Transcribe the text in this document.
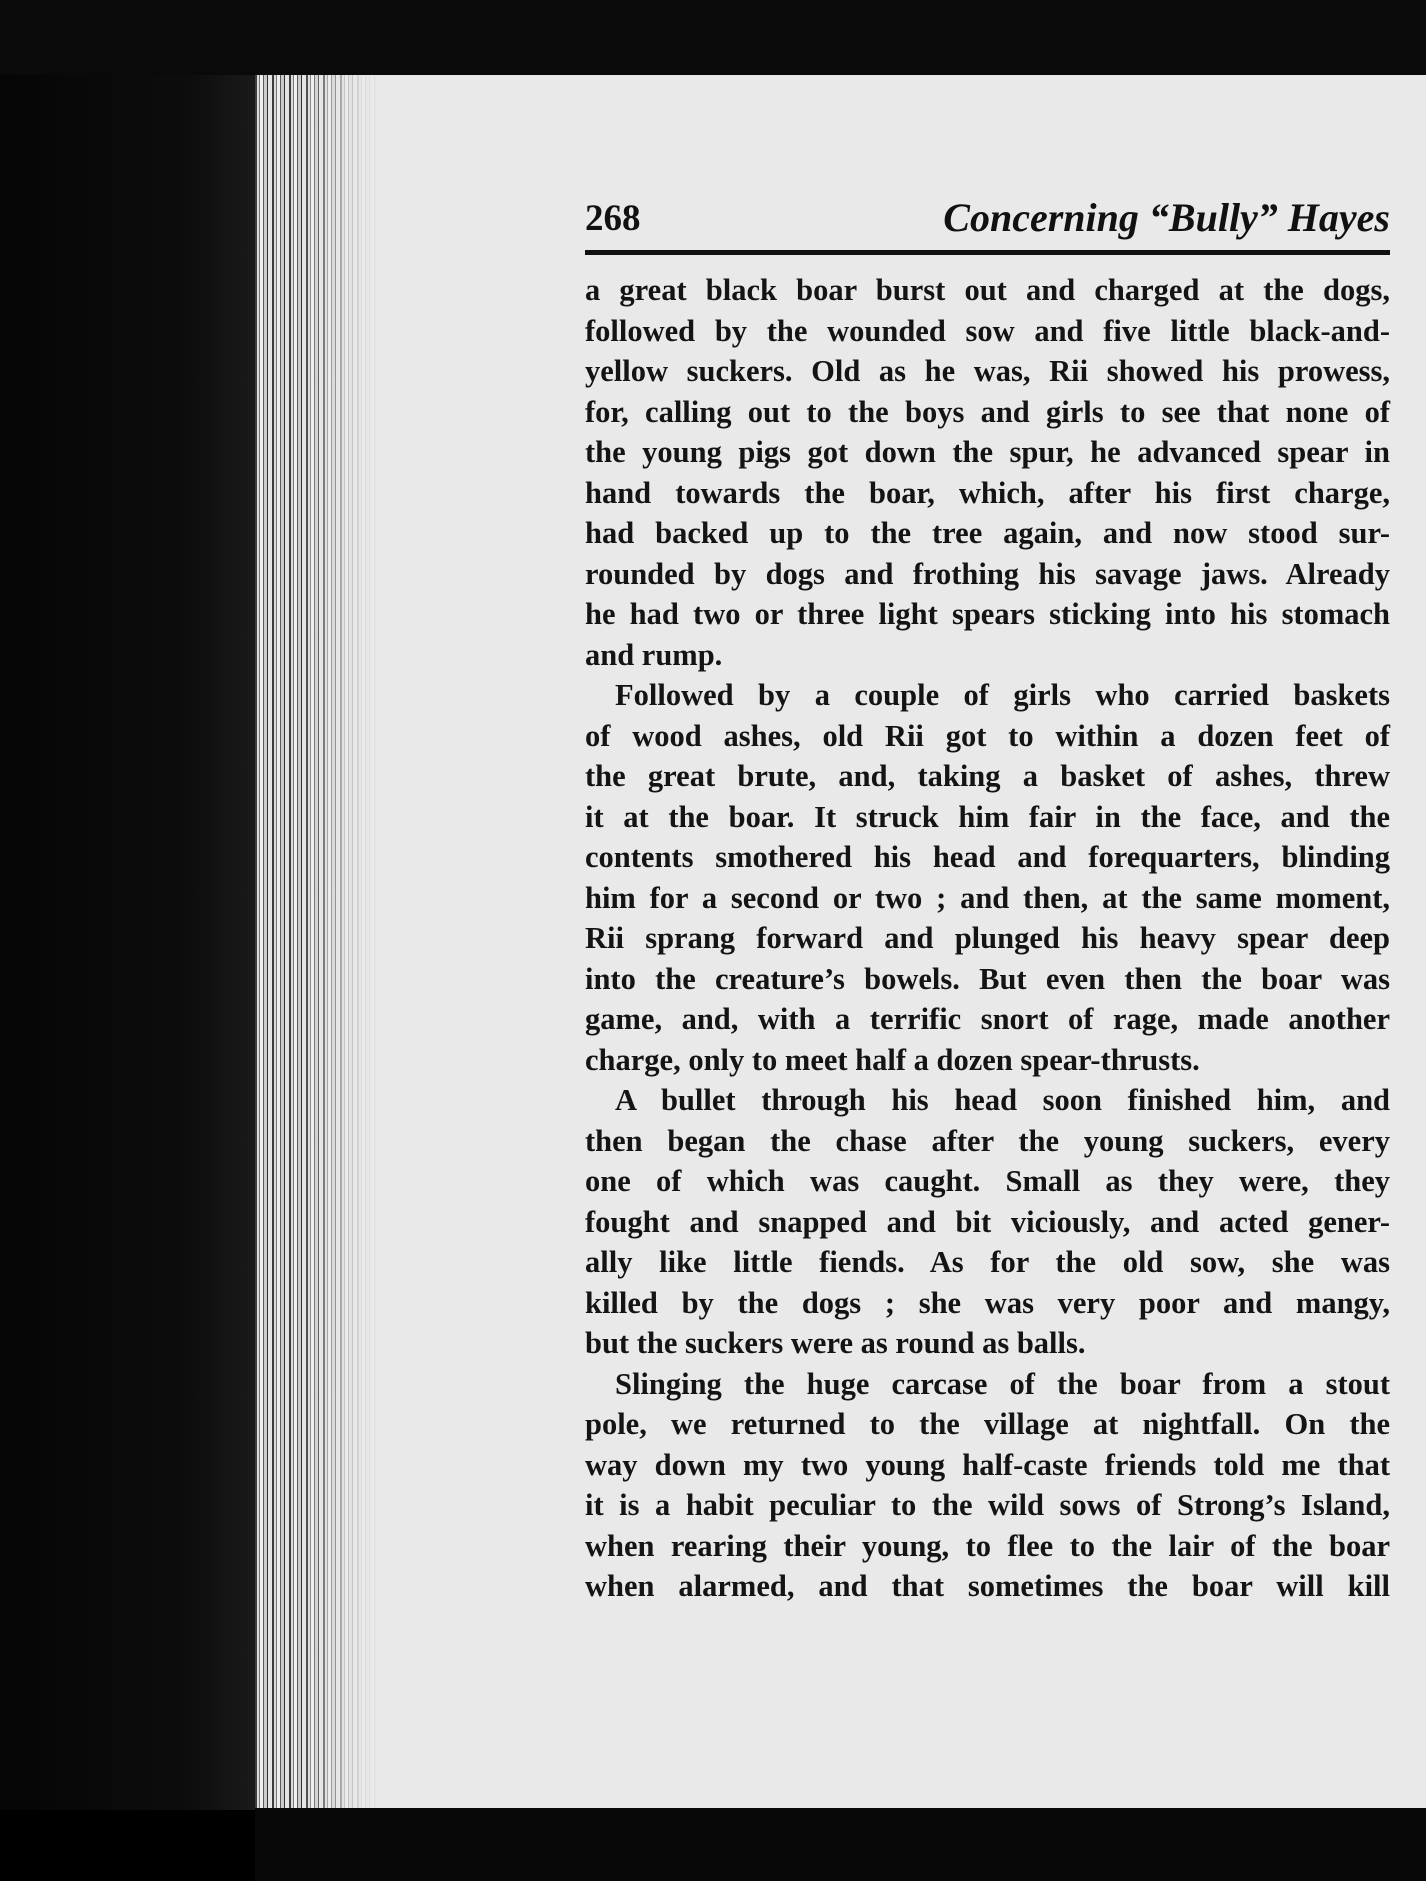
268	Concerning “Bully” Hayes
a great black boar burst out and charged at the dogs,
followed by the wounded sow and five little black-and-
yellow suckers. Old as he was, Rii showed his prowess,
for, calling out to the boys and girls to see that none of
the young pigs got down the spur, he advanced spear in
hand towards the boar, which, after his first charge,
had backed up to the tree again, and now stood sur-
rounded by dogs and frothing his savage jaws. Already
he had two or three light spears sticking into his stomach
and rump.
Followed by a couple of girls who carried baskets
of wood ashes, old Rii got to within a dozen feet of
the great brute, and, taking a basket of ashes, threw
it at the boar. It struck him fair in the face, and the
contents smothered his head and forequarters, blinding
him for a second or two ; and then, at the same moment,
Rii sprang forward and plunged his heavy spear deep
into the creature’s bowels. But even then the boar was
game, and, with a terrific snort of rage, made another
charge, only to meet half a dozen spear-thrusts.
A bullet through his head soon finished him, and
then began the chase after the young suckers, every
one of which was caught. Small as they were, they
fought and snapped and bit viciously, and acted gener-
ally like little fiends. As for the old sow, she was
killed by the dogs ; she was very poor and mangy,
but the suckers were as round as balls.
Slinging the huge carcase of the boar from a stout
pole, we returned to the village at nightfall. On the
way down my two young half-caste friends told me that
it is a habit peculiar to the wild sows of Strong’s Island,
when rearing their young, to flee to the lair of the boar
when alarmed, and that sometimes the boar will kill
